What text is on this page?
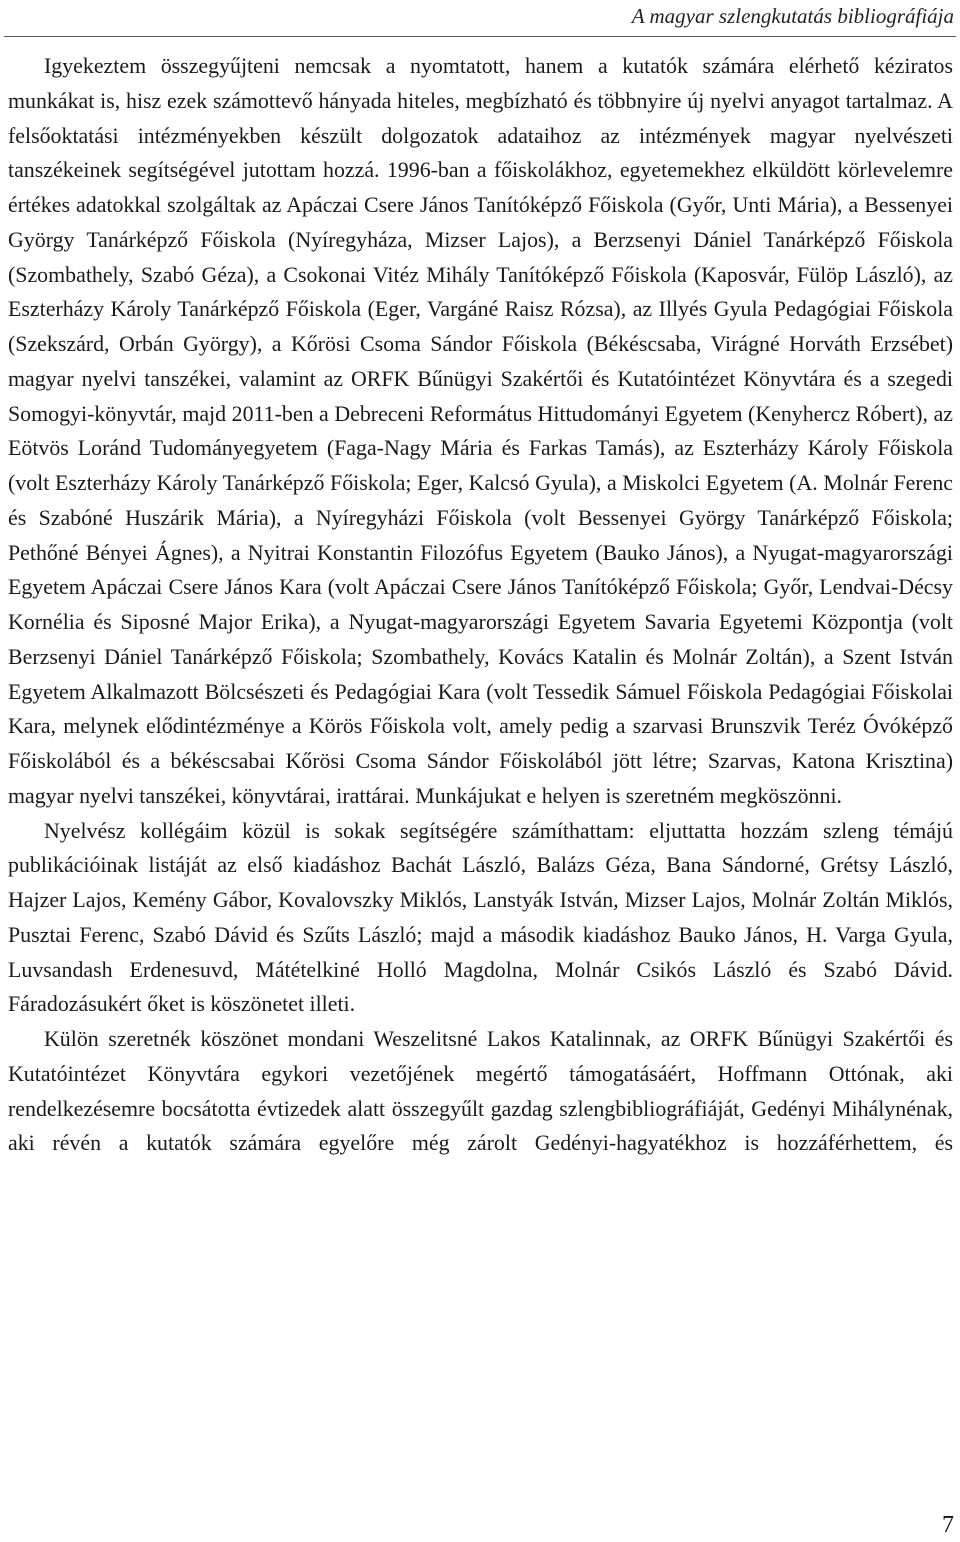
A magyar szlengkutatás bibliográfiája

Igyekeztem összegyűjteni nemcsak a nyomtatott, hanem a kutatók számára elérhető kéziratos munkákat is, hisz ezek számottevő hányada hiteles, megbízható és többnyire új nyelvi anyagot tartalmaz. A felsőoktatási intézményekben készült dolgozatok adataihoz az intézmények magyar nyelvészeti tanszékeinek segítségével jutottam hozzá. 1996-ban a főiskolákhoz, egyetemekhez elküldött körlevelemre értékes adatokkal szolgáltak az Apáczai Csere János Tanítóképző Főiskola (Győr, Unti Mária), a Bessenyei György Tanárképző Főiskola (Nyíregyháza, Mizser Lajos), a Berzsenyi Dániel Tanárképző Főiskola (Szombathely, Szabó Géza), a Csokonai Vitéz Mihály Tanítóképző Főiskola (Kaposvár, Fülöp László), az Eszterházy Károly Tanárképző Főiskola (Eger, Vargáné Raisz Rózsa), az Illyés Gyula Pedagógiai Főiskola (Szekszárd, Orbán György), a Kőrösi Csoma Sándor Főiskola (Békéscsaba, Virágné Horváth Erzsébet) magyar nyelvi tanszékei, valamint az ORFK Bűnügyi Szakértői és Kutatóintézet Könyvtára és a szegedi Somogyi-könyvtár, majd 2011-ben a Debreceni Református Hittudományi Egyetem (Kenyhercz Róbert), az Eötvös Loránd Tudományegyetem (Faga-Nagy Mária és Farkas Tamás), az Eszterházy Károly Főiskola (volt Eszterházy Károly Tanárképző Főiskola; Eger, Kalcsó Gyula), a Miskolci Egyetem (A. Molnár Ferenc és Szabóné Huszárik Mária), a Nyíregyházi Főiskola (volt Bessenyei György Tanárképző Főiskola; Pethőné Bényei Ágnes), a Nyitrai Konstantin Filozófus Egyetem (Bauko János), a Nyugat-magyarországi Egyetem Apáczai Csere János Kara (volt Apáczai Csere János Tanítóképző Főiskola; Győr, Lendvai-Décsy Kornélia és Siposné Major Erika), a Nyugat-magyarországi Egyetem Savaria Egyetemi Központja (volt Berzsenyi Dániel Tanárképző Főiskola; Szombathely, Kovács Katalin és Molnár Zoltán), a Szent István Egyetem Alkalmazott Bölcsészeti és Pedagógiai Kara (volt Tessedik Sámuel Főiskola Pedagógiai Főiskolai Kara, melynek elődintézménye a Körös Főiskola volt, amely pedig a szarvasi Brunszvik Teréz Óvóképző Főiskolából és a békéscsabai Kőrösi Csoma Sándor Főiskolából jött létre; Szarvas, Katona Krisztina) magyar nyelvi tanszékei, könyvtárai, irattárai. Munkájukat e helyen is szeretném megköszönni.

Nyelvész kollégáim közül is sokak segítségére számíthattam: eljuttatta hozzám szleng témájú publikációinak listáját az első kiadáshoz Bachát László, Balázs Géza, Bana Sándorné, Grétsy László, Hajzer Lajos, Kemény Gábor, Kovalovszky Miklós, Lanstyák István, Mizser Lajos, Molnár Zoltán Miklós, Pusztai Ferenc, Szabó Dávid és Szűts László; majd a második kiadáshoz Bauko János, H. Varga Gyula, Luvsandash Erdenesuvd, Mátételkiné Holló Magdolna, Molnár Csikós László és Szabó Dávid. Fáradozásukért őket is köszönetet illeti.

Külön szeretnék köszönet mondani Weszelitsné Lakos Katalinnak, az ORFK Bűnügyi Szakértői és Kutatóintézet Könyvtára egykori vezetőjének megértő támogatásáért, Hoffmann Ottónak, aki rendelkezésemre bocsátotta évtizedek alatt összegyűlt gazdag szlengbibliográfiáját, Gedényi Mihálynénak, aki révén a kutatók számára egyelőre még zárolt Gedényi-hagyatékhoz is hozzáférhettem, és

7
